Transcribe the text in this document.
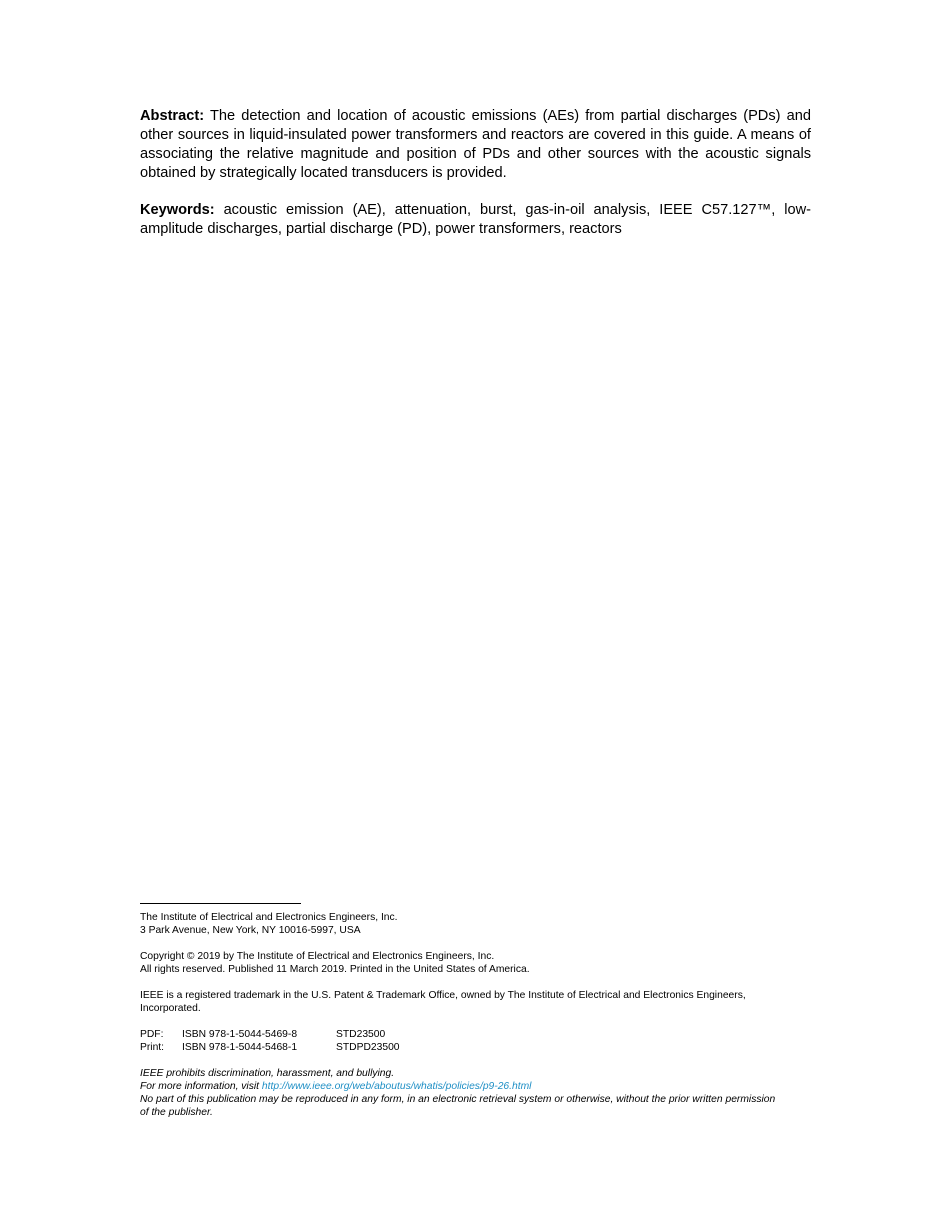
Abstract: The detection and location of acoustic emissions (AEs) from partial discharges (PDs) and other sources in liquid-insulated power transformers and reactors are covered in this guide. A means of associating the relative magnitude and position of PDs and other sources with the acoustic signals obtained by strategically located transducers is provided.

Keywords: acoustic emission (AE), attenuation, burst, gas-in-oil analysis, IEEE C57.127™, low-amplitude discharges, partial discharge (PD), power transformers, reactors

The Institute of Electrical and Electronics Engineers, Inc.
3 Park Avenue, New York, NY 10016-5997, USA
Copyright © 2019 by The Institute of Electrical and Electronics Engineers, Inc.
All rights reserved. Published 11 March 2019. Printed in the United States of America.
IEEE is a registered trademark in the U.S. Patent & Trademark Office, owned by The Institute of Electrical and Electronics Engineers,
Incorporated.
PDF:	ISBN 978-1-5044-5469-8	STD23500
Print:	ISBN 978-1-5044-5468-1	STDPD23500
IEEE prohibits discrimination, harassment, and bullying.
For more information, visit http://www.ieee.org/web/aboutus/whatis/policies/p9-26.html
No part of this publication may be reproduced in any form, in an electronic retrieval system or otherwise, without the prior written permission
of the publisher.
